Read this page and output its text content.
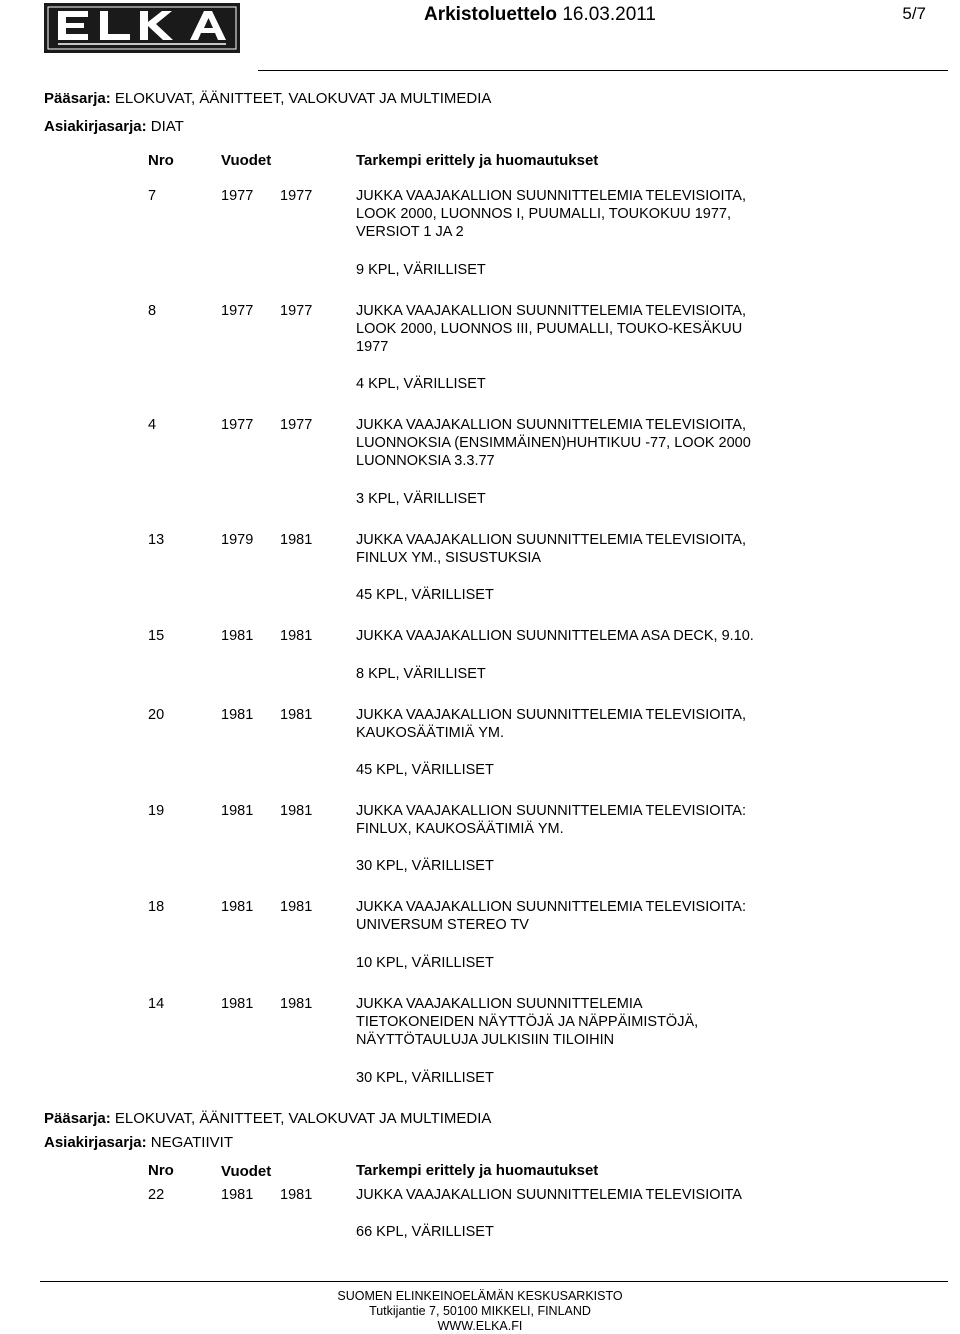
Arkistoluettelo 16.03.2011	5/7
Pääsarja: ELOKUVAT, ÄÄNITTEET, VALOKUVAT JA MULTIMEDIA
Asiakirjasarja: DIAT
Nro	Vuodet	Tarkempi erittely ja huomautukset
7	1977 1977	JUKKA VAAJAKALLION SUUNNITTELEMIA TELEVISIOITA,
LOOK 2000, LUONNOS I, PUUMALLI, TOUKOKUU 1977,
VERSIOT 1 JA 2
9 KPL, VÄRILLISET
8	1977 1977	JUKKA VAAJAKALLION SUUNNITTELEMIA TELEVISIOITA,
LOOK 2000, LUONNOS III, PUUMALLI, TOUKO-KESÄKUU
1977
4 KPL, VÄRILLISET
4	1977 1977	JUKKA VAAJAKALLION SUUNNITTELEMIA TELEVISIOITA,
LUONNOKSIA (ENSIMMÄINEN)HUHTIKUU -77, LOOK 2000
LUONNOKSIA 3.3.77
3 KPL, VÄRILLISET
13	1979 1981	JUKKA VAAJAKALLION SUUNNITTELEMIA TELEVISIOITA,
FINLUX YM., SISUSTUKSIA
45 KPL, VÄRILLISET
15	1981 1981	JUKKA VAAJAKALLION SUUNNITTELEMA ASA DECK, 9.10.
8 KPL, VÄRILLISET
20	1981 1981	JUKKA VAAJAKALLION SUUNNITTELEMIA TELEVISIOITA,
KAUKOSÄÄTIMIÄ YM.
45 KPL, VÄRILLISET
19	1981 1981	JUKKA VAAJAKALLION SUUNNITTELEMIA TELEVISIOITA:
FINLUX, KAUKOSÄÄTIMIÄ YM.
30 KPL, VÄRILLISET
18	1981 1981	JUKKA VAAJAKALLION SUUNNITTELEMIA TELEVISIOITA:
UNIVERSUM STEREO TV
10 KPL, VÄRILLISET
14	1981 1981	JUKKA VAAJAKALLION SUUNNITTELEMIA
TIETOKONEIDEN NÄYTTÖJÄ JA NÄPPÄIMISTÖJÄ,
NÄYTTÖTAULUJA JULKISIIN TILOIHIN
30 KPL, VÄRILLISET
Pääsarja: ELOKUVAT, ÄÄNITTEET, VALOKUVAT JA MULTIMEDIA
Asiakirjasarja: NEGATIIVIT
Nro	Vuodet	Tarkempi erittely ja huomautukset
22	1981 1981	JUKKA VAAJAKALLION SUUNNITTELEMIA TELEVISIOITA
66 KPL, VÄRILLISET
SUOMEN ELINKEINOELÄMÄN KESKUSARKISTO
Tutkijantie 7, 50100 MIKKELI, FINLAND
WWW.ELKA.FI
